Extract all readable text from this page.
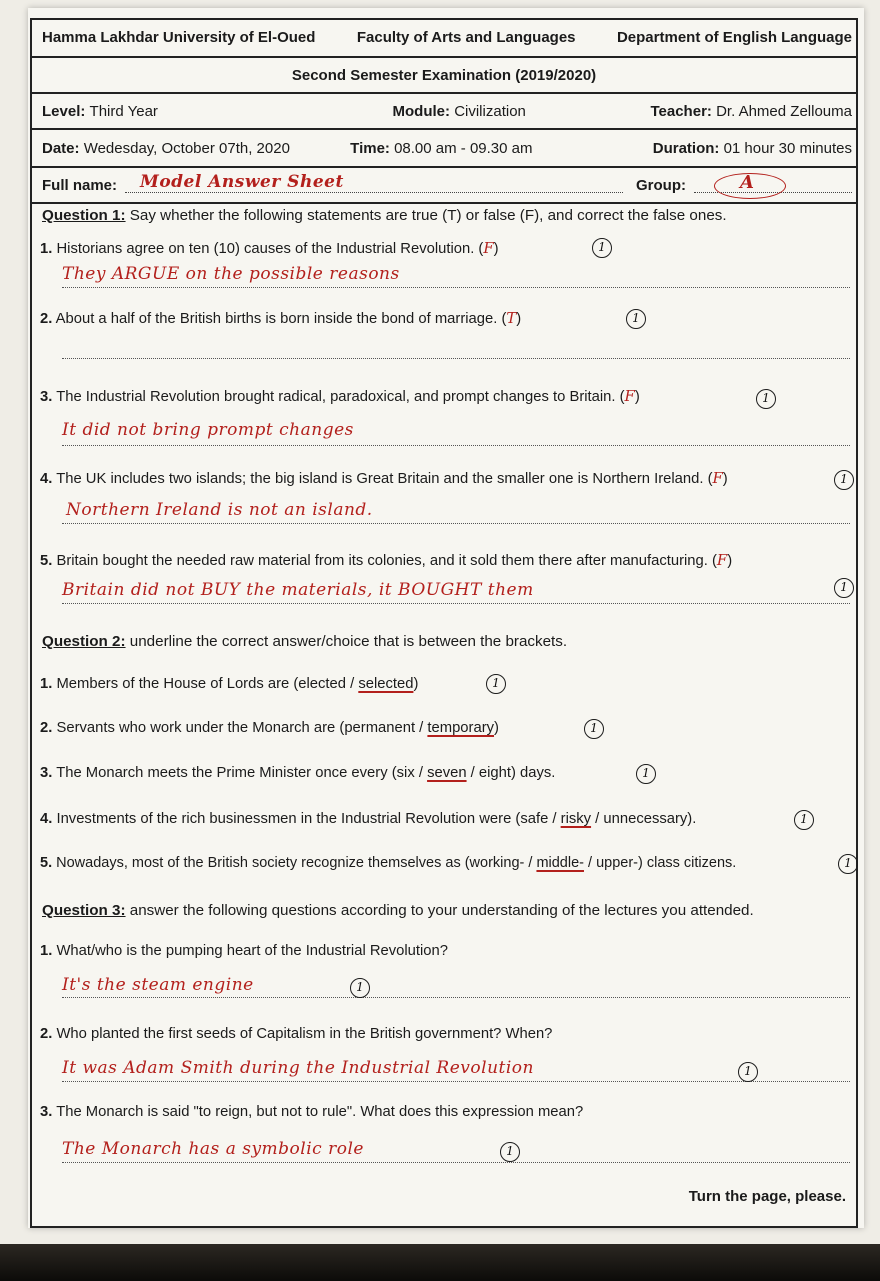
Hamma Lakhdar University of El-Oued	Faculty of Arts and Languages	Department of English Language
Second Semester Examination (2019/2020)
Level: Third Year	Module: Civilization	Teacher: Dr. Ahmed Zellouma
Date: Wedesday, October 07th, 2020	Time: 08.00 am - 09.30 am	Duration: 01 hour 30 minutes
Full name: Model Answer Sheet	Group:	A
Question 1: Say whether the following statements are true (T) or false (F), and correct the false ones.
1. Historians agree on ten (10) causes of the Industrial Revolution. (F)	1
They ARGUE on the possible reasons
2. About a half of the British births is born inside the bond of marriage. (T)	1
3. The Industrial Revolution brought radical, paradoxical, and prompt changes to Britain. (F)	1
It did not bring prompt changes
4. The UK includes two islands; the big island is Great Britain and the smaller one is Northern Ireland. (F)	1
Northern Ireland is not an island.
5. Britain bought the needed raw material from its colonies, and it sold them there after manufacturing. (F)
1
Britain did not BUY the materials, it BOUGHT them
Question 2: underline the correct answer/choice that is between the brackets.
1. Members of the House of Lords are (elected / selected)	1
2. Servants who work under the Monarch are (permanent / temporary)	1
3. The Monarch meets the Prime Minister once every (six / seven / eight) days.	1
4. Investments of the rich businessmen in the Industrial Revolution were (safe / risky / unnecessary).	1
5. Nowadays, most of the British society recognize themselves as (working- / middle- / upper-) class citizens.	1
Question 3: answer the following questions according to your understanding of the lectures you attended.
1. What/who is the pumping heart of the Industrial Revolution?
It's the steam engine	1
2. Who planted the first seeds of Capitalism in the British government? When?
It was Adam Smith during the Industrial Revolution	1
3. The Monarch is said "to reign, but not to rule". What does this expression mean?
The Monarch has a symbolic role	1
Turn the page, please.
